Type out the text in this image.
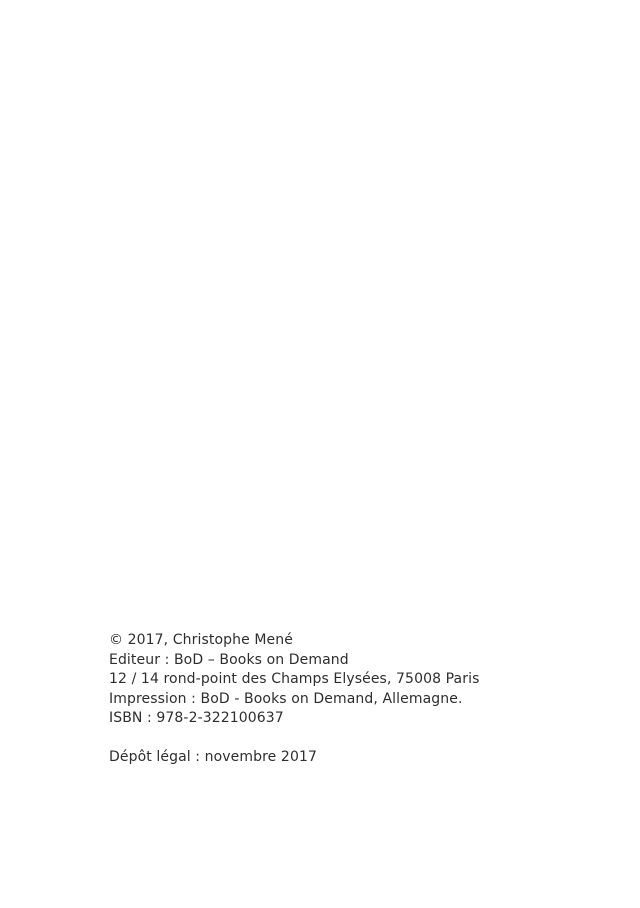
© 2017, Christophe Mené
Editeur : BoD – Books on Demand
12 / 14 rond-point des Champs Elysées, 75008 Paris
Impression : BoD - Books on Demand, Allemagne.
ISBN : 978-2-322100637
Dépôt légal : novembre 2017
